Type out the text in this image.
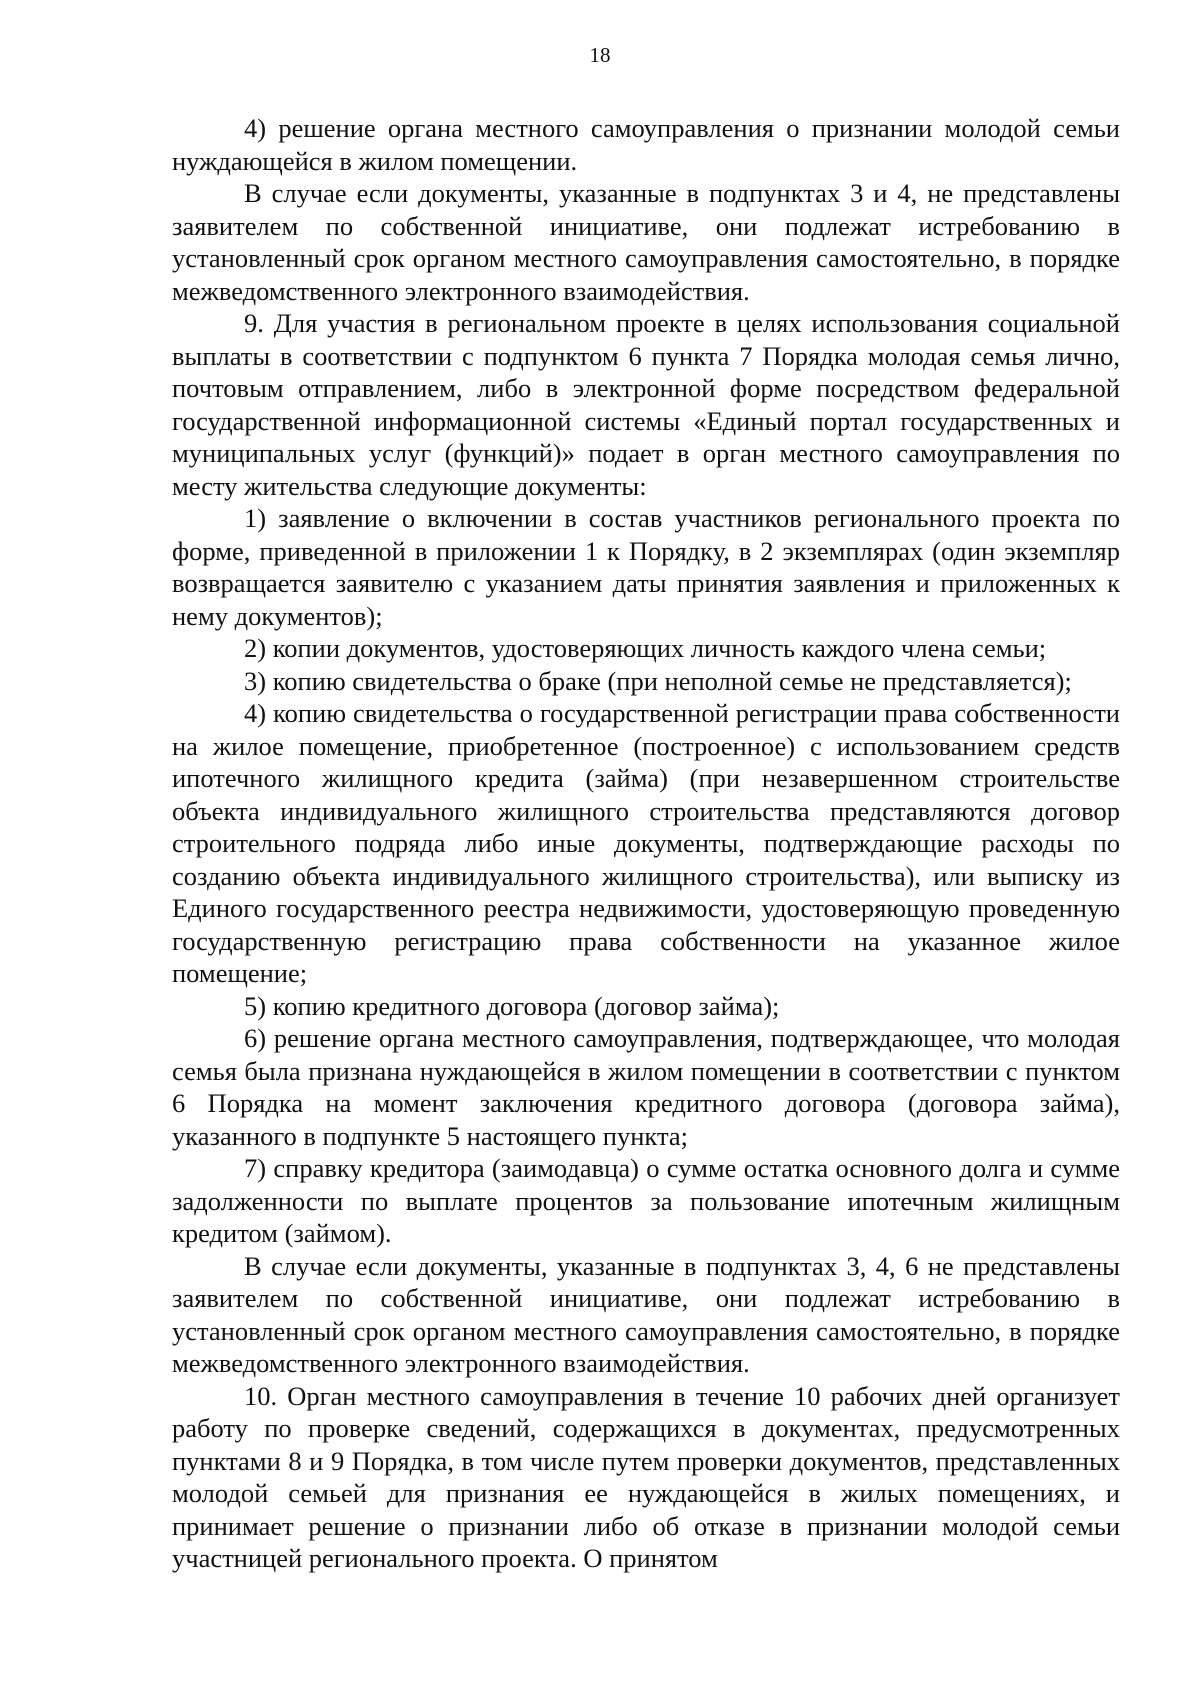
18

4) решение органа местного самоуправления о признании молодой семьи нуждающейся в жилом помещении.

В случае если документы, указанные в подпунктах 3 и 4, не представлены заявителем по собственной инициативе, они подлежат истребованию в установленный срок органом местного самоуправления самостоятельно, в порядке межведомственного электронного взаимодействия.

9. Для участия в региональном проекте в целях использования социальной выплаты в соответствии с подпунктом 6 пункта 7 Порядка молодая семья лично, почтовым отправлением, либо в электронной форме посредством федеральной государственной информационной системы «Единый портал государственных и муниципальных услуг (функций)» подает в орган местного самоуправления по месту жительства следующие документы:

1) заявление о включении в состав участников регионального проекта по форме, приведенной в приложении 1 к Порядку, в 2 экземплярах (один экземпляр возвращается заявителю с указанием даты принятия заявления и приложенных к нему документов);

2) копии документов, удостоверяющих личность каждого члена семьи;

3) копию свидетельства о браке (при неполной семье не представляется);

4) копию свидетельства о государственной регистрации права собственности на жилое помещение, приобретенное (построенное) с использованием средств ипотечного жилищного кредита (займа) (при незавершенном строительстве объекта индивидуального жилищного строительства представляются договор строительного подряда либо иные документы, подтверждающие расходы по созданию объекта индивидуального жилищного строительства), или выписку из Единого государственного реестра недвижимости, удостоверяющую проведенную государственную регистрацию права собственности на указанное жилое помещение;

5) копию кредитного договора (договор займа);

6) решение органа местного самоуправления, подтверждающее, что молодая семья была признана нуждающейся в жилом помещении в соответствии с пунктом 6 Порядка на момент заключения кредитного договора (договора займа), указанного в подпункте 5 настоящего пункта;

7) справку кредитора (заимодавца) о сумме остатка основного долга и сумме задолженности по выплате процентов за пользование ипотечным жилищным кредитом (займом).

В случае если документы, указанные в подпунктах 3, 4, 6 не представлены заявителем по собственной инициативе, они подлежат истребованию в установленный срок органом местного самоуправления самостоятельно, в порядке межведомственного электронного взаимодействия.

10. Орган местного самоуправления в течение 10 рабочих дней организует работу по проверке сведений, содержащихся в документах, предусмотренных пунктами 8 и 9 Порядка, в том числе путем проверки документов, представленных молодой семьей для признания ее нуждающейся в жилых помещениях, и принимает решение о признании либо об отказе в признании молодой семьи участницей регионального проекта. О принятом
